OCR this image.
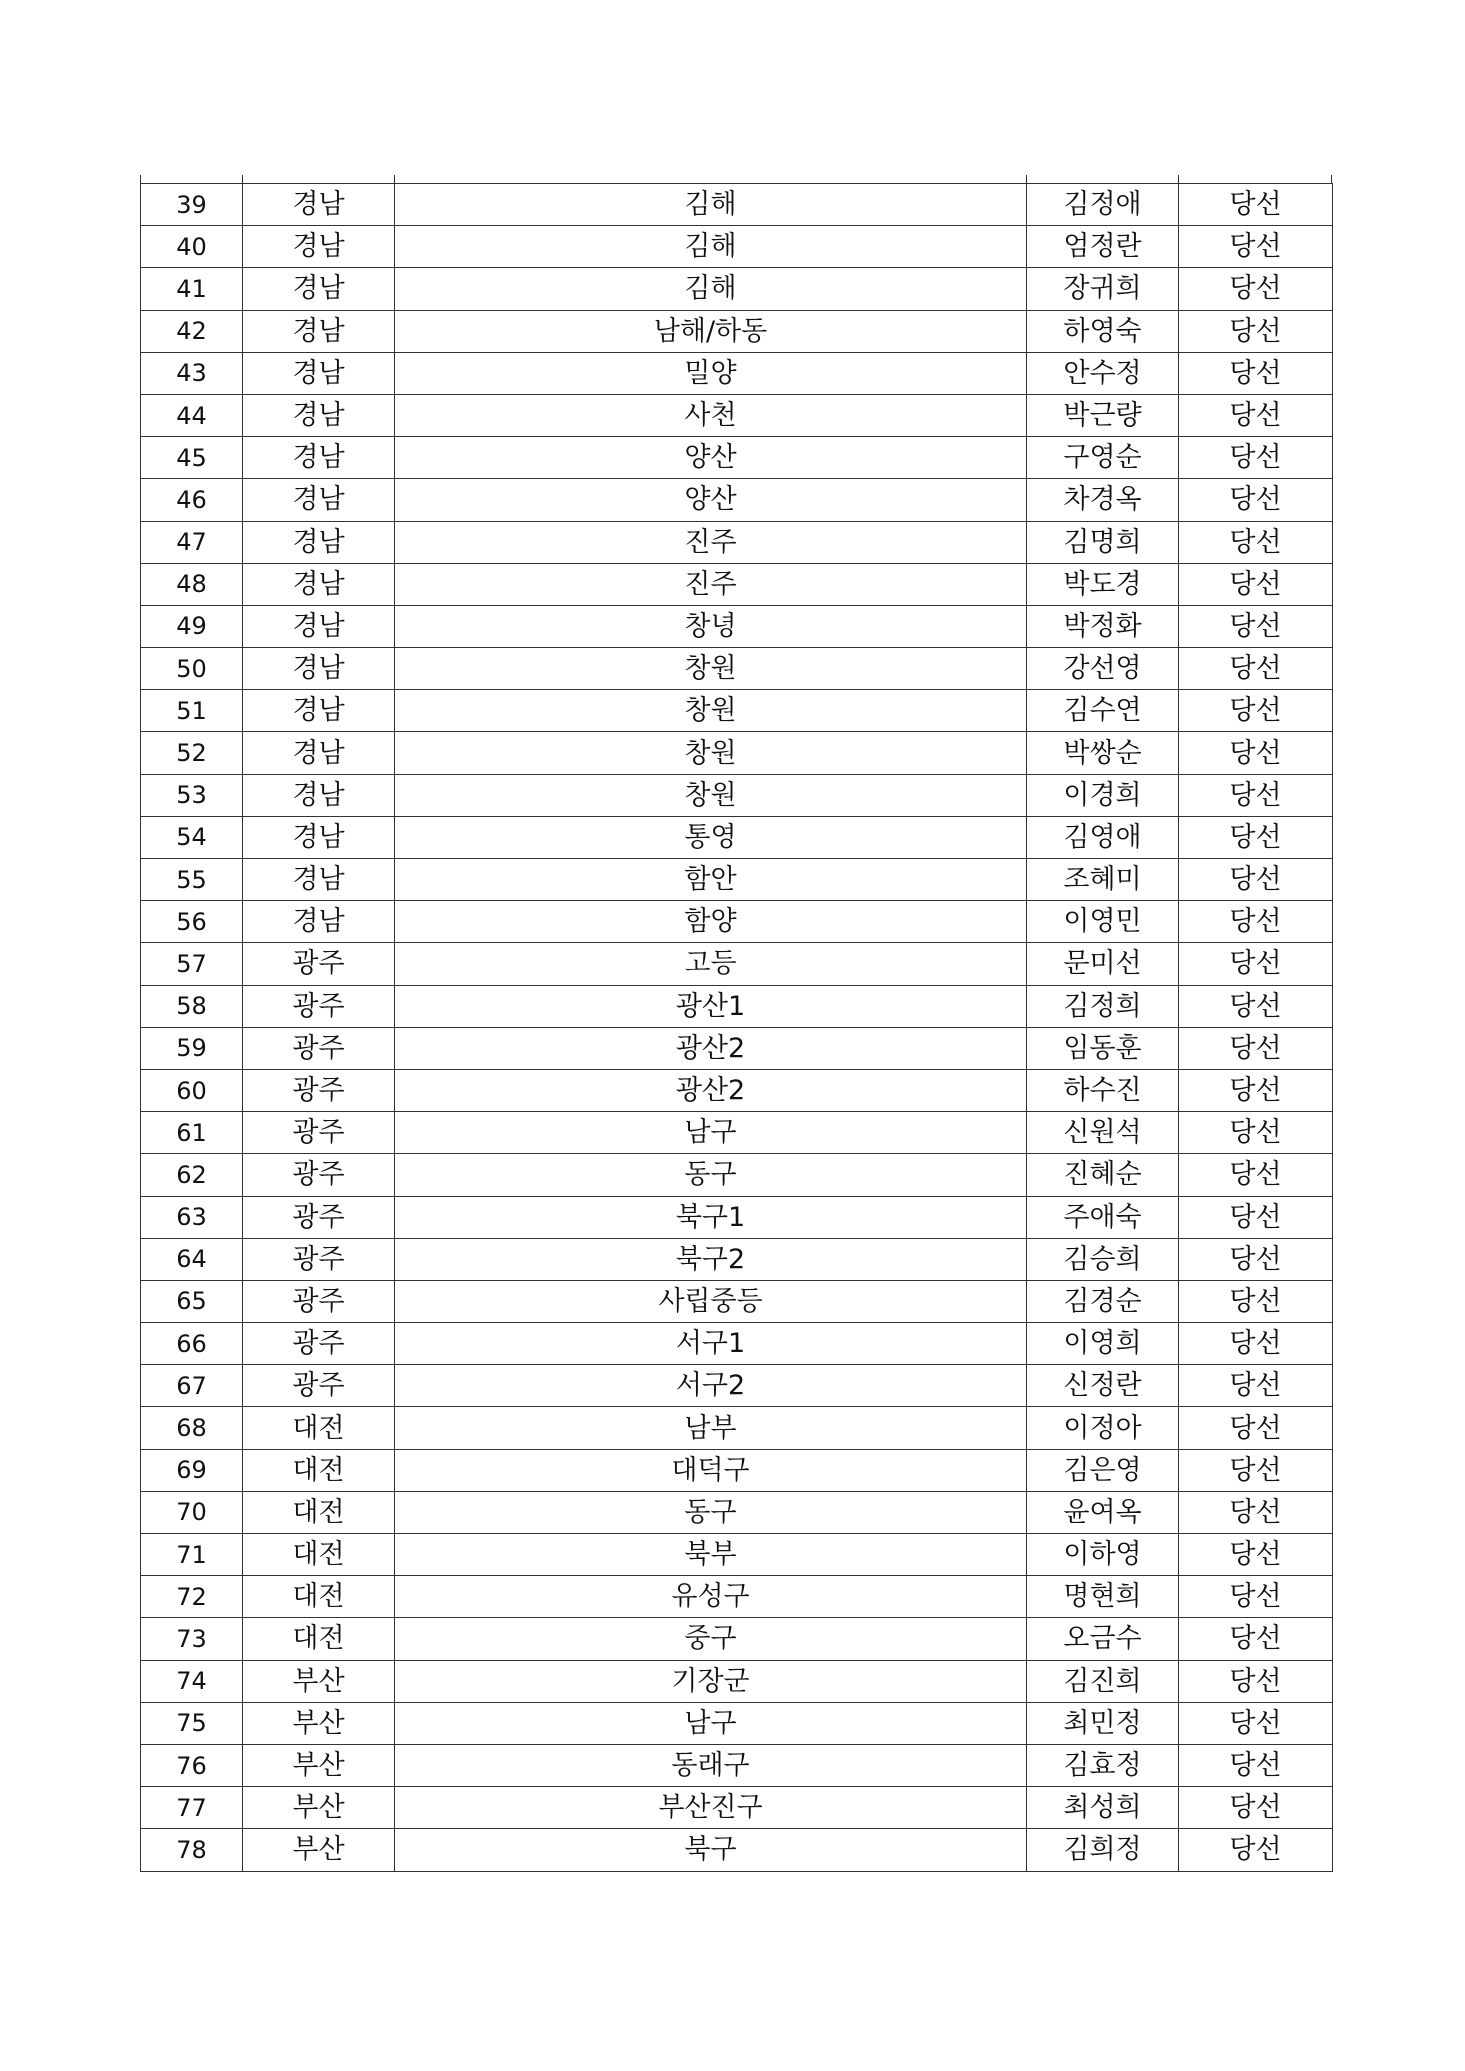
39	경남	김해	김정애	당선
40	경남	김해	엄정란	당선
41	경남	김해	장귀희	당선
42	경남	남해/하동	하영숙	당선
43	경남	밀양	안수정	당선
44	경남	사천	박근량	당선
45	경남	양산	구영순	당선
46	경남	양산	차경옥	당선
47	경남	진주	김명희	당선
48	경남	진주	박도경	당선
49	경남	창녕	박정화	당선
50	경남	창원	강선영	당선
51	경남	창원	김수연	당선
52	경남	창원	박쌍순	당선
53	경남	창원	이경희	당선
54	경남	통영	김영애	당선
55	경남	함안	조혜미	당선
56	경남	함양	이영민	당선
57	광주	고등	문미선	당선
58	광주	광산1	김정희	당선
59	광주	광산2	임동훈	당선
60	광주	광산2	하수진	당선
61	광주	남구	신원석	당선
62	광주	동구	진혜순	당선
63	광주	북구1	주애숙	당선
64	광주	북구2	김승희	당선
65	광주	사립중등	김경순	당선
66	광주	서구1	이영희	당선
67	광주	서구2	신정란	당선
68	대전	남부	이정아	당선
69	대전	대덕구	김은영	당선
70	대전	동구	윤여옥	당선
71	대전	북부	이하영	당선
72	대전	유성구	명현희	당선
73	대전	중구	오금수	당선
74	부산	기장군	김진희	당선
75	부산	남구	최민정	당선
76	부산	동래구	김효정	당선
77	부산	부산진구	최성희	당선
78	부산	북구	김희정	당선
